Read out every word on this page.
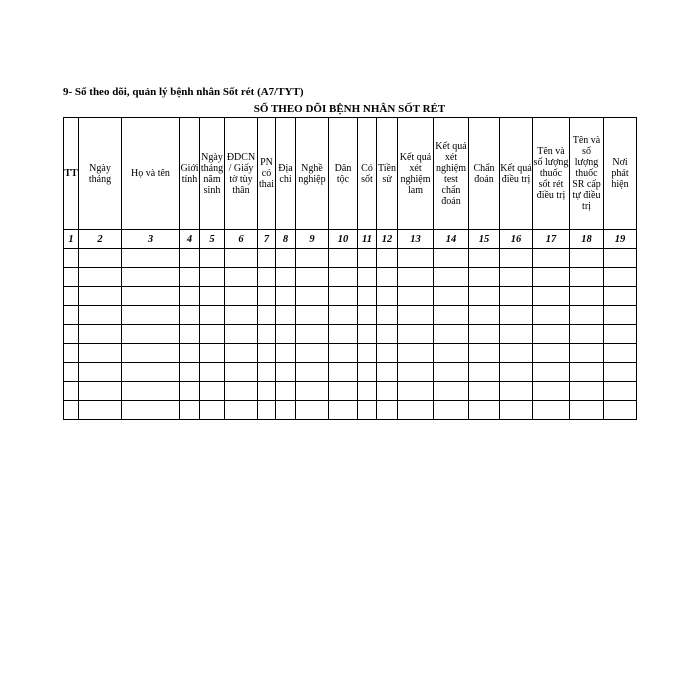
9- Số theo dõi, quản lý bệnh nhân Sốt rét (A7/TYT)
SỔ THEO DÕI BỆNH NHÂN SỐT RÉT
TT	Ngày tháng	Họ và tên	Giới tính	Ngày tháng năm sinh	ĐDCN / Giấy tờ tùy thân	PN có thai	Địa chỉ	Nghề nghiệp	Dân tộc	Có sốt	Tiền sử	Kết quả xét nghiệm lam	Kết quả xét nghiệm test chẩn đoán	Chẩn đoán	Kết quả điều trị	Tên và số lượng thuốc sốt rét điều trị	Tên và số lượng thuốc SR cấp tự điều trị	Nơi phát hiện
1	2	3	4	5	6	7	8	9	10	11	12	13	14	15	16	17	18	19
